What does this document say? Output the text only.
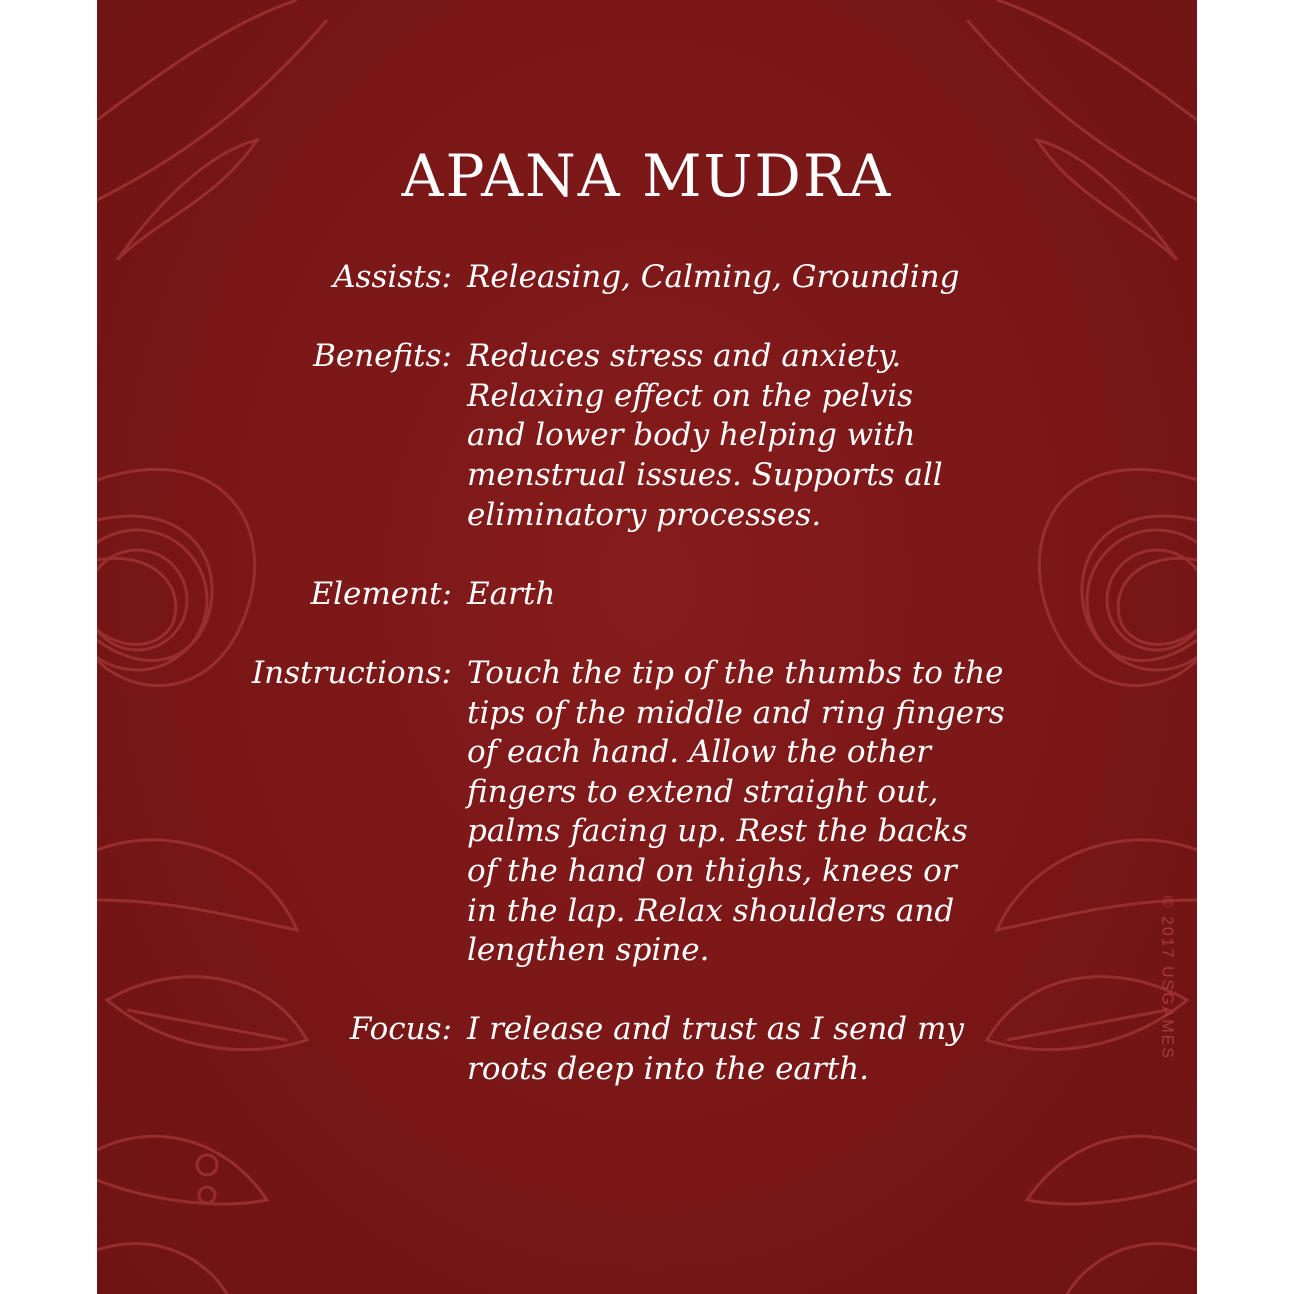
APANA MUDRA
Assists: Releasing, Calming, Grounding
Benefits: Reduces stress and anxiety.
Relaxing effect on the pelvis
and lower body helping with
menstrual issues. Supports all
eliminatory processes.
Element: Earth
Instructions: Touch the tip of the thumbs to the
tips of the middle and ring fingers
of each hand. Allow the other
fingers to extend straight out,
palms facing up. Rest the backs
of the hand on thighs, knees or
in the lap. Relax shoulders and
lengthen spine.
Focus: I release and trust as I send my
roots deep into the earth.
© 2017 USGAMES
